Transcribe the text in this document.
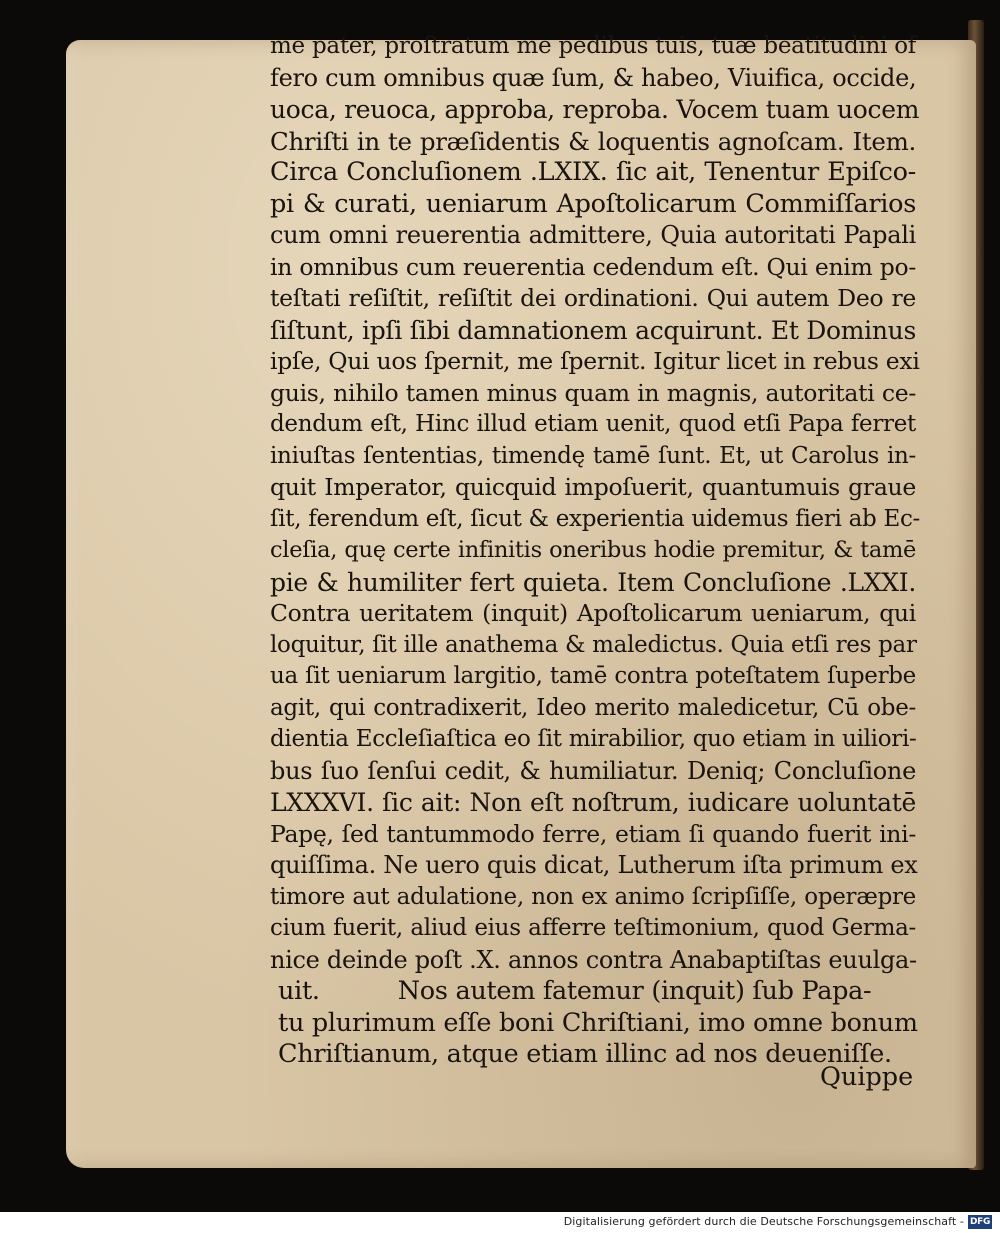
me pater, proſtratum me pedibus tuis, tuæ beatitudini of
fero cum omnibus quæ ſum, & habeo, Viuifica, occide,
uoca, reuoca, approba, reproba. Vocem tuam uocem
Chriſti in te præſidentis & loquentis agnoſcam. Item.
Circa Concluſionem .LXIX. ſic ait, Tenentur Epiſco-
pi & curati, ueniarum Apoſtolicarum Commiſſarios
cum omni reuerentia admittere, Quia autoritati Papali
in omnibus cum reuerentia cedendum eſt. Qui enim po-
teſtati reſiſtit, reſiſtit dei ordinationi. Qui autem Deo re
ſiſtunt, ipſi ſibi damnationem acquirunt. Et Dominus
ipſe, Qui uos ſpernit, me ſpernit. Igitur licet in rebus exi
guis, nihilo tamen minus quam in magnis, autoritati ce-
dendum eſt, Hinc illud etiam uenit, quod etſi Papa ferret
iniuſtas ſententias, timendę tamē ſunt. Et, ut Carolus in-
quit Imperator, quicquid impoſuerit, quantumuis graue
ſit, ferendum eſt, ſicut & experientia uidemus fieri ab Ec-
cleſia, quę certe infinitis oneribus hodie premitur, & tamē
pie & humiliter fert quieta. Item Concluſione .LXXI.
Contra ueritatem (inquit) Apoſtolicarum ueniarum, qui
loquitur, ſit ille anathema & maledictus. Quia etſi res par
ua ſit ueniarum largitio, tamē contra poteſtatem ſuperbe
agit, qui contradixerit, Ideo merito maledicetur, Cū obe-
dientia Eccleſiaſtica eo ſit mirabilior, quo etiam in uiliori-
bus ſuo ſenſui cedit, & humiliatur. Deniq; Concluſione
LXXXVI. ſic ait: Non eſt noſtrum, iudicare uoluntatē
Papę, ſed tantummodo ferre, etiam ſi quando fuerit ini-
quiſſima. Ne uero quis dicat, Lutherum iſta primum ex
timore aut adulatione, non ex animo ſcripſiſſe, operæpre
cium fuerit, aliud eius afferre teſtimonium, quod Germa-
nice deinde poſt .X. annos contra Anabaptiſtas euulga-
uit.          Nos autem fatemur (inquit) ſub Papa-
tu plurimum eſſe boni Chriſtiani, imo omne bonum
Chriſtianum, atque etiam illinc ad nos deueniſſe.
Quippe
Digitalisierung gefördert durch die Deutsche Forschungsgemeinschaft - DFG
